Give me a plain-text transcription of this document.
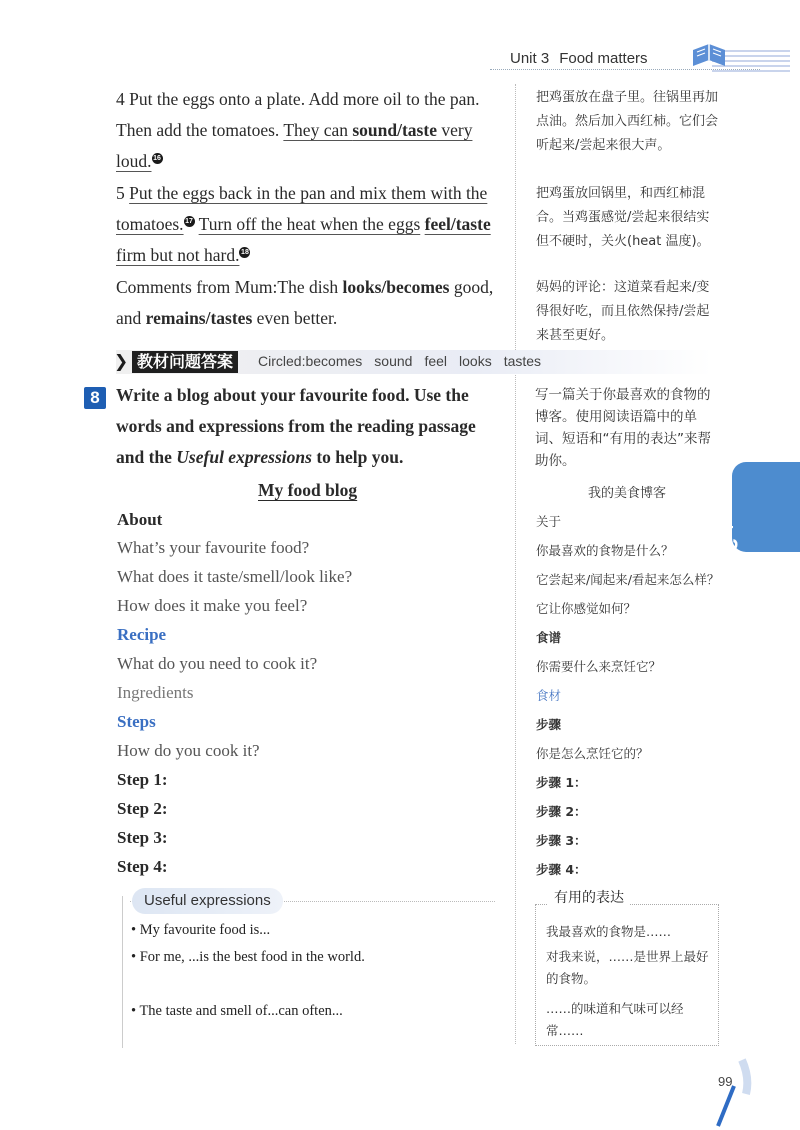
Unit 3 Food matters
4 Put the eggs onto a plate. Add more oil to the pan. Then add the tomatoes. They can sound/taste very loud. 16
把鸡蛋放在盘子里。往锅里再加点油。然后加入西红柿。它们会听起来/尝起来很大声。
5 Put the eggs back in the pan and mix them with the tomatoes. 17 Turn off the heat when the eggs feel/taste firm but not hard. 18
把鸡蛋放回锅里，和西红柿混合。当鸡蛋感觉/尝起来很结实但不硬时，关火(heat 温度)。
Comments from Mum:The dish looks/becomes good, and remains/tastes even better.
妈妈的评论：这道菜看起来/变得很好吃，而且依然保持/尝起来甚至更好。
❯ 教材问题答案	Circled:becomes sound feel looks tastes
8 Write a blog about your favourite food. Use the words and expressions from the reading passage and the Useful expressions to help you.
写一篇关于你最喜欢的食物的博客。使用阅读语篇中的单词、短语和“有用的表达”来帮助你。
My food blog	我的美食博客
About	关于
What’s your favourite food?	你最喜欢的食物是什么？
What does it taste/smell/look like?	它尝起来/闻起来/看起来怎么样？
How does it make you feel?	它让你感觉如何？
Recipe	食谱
What do you need to cook it?	你需要什么来烹饪它？
Ingredients	食材
Steps	步骤
How do you cook it?	你是怎么烹饪它的？
Step 1:	步骤 1：
Step 2:	步骤 2：
Step 3:	步骤 3：
Step 4:	步骤 4：
Unit 3
Useful expressions
• My favourite food is...
• For me, ...is the best food in the world.
• The taste and smell of...can often...
有用的表达
我最喜欢的食物是……
对我来说，……是世界上最好的食物。
……的味道和气味可以经常……
99
